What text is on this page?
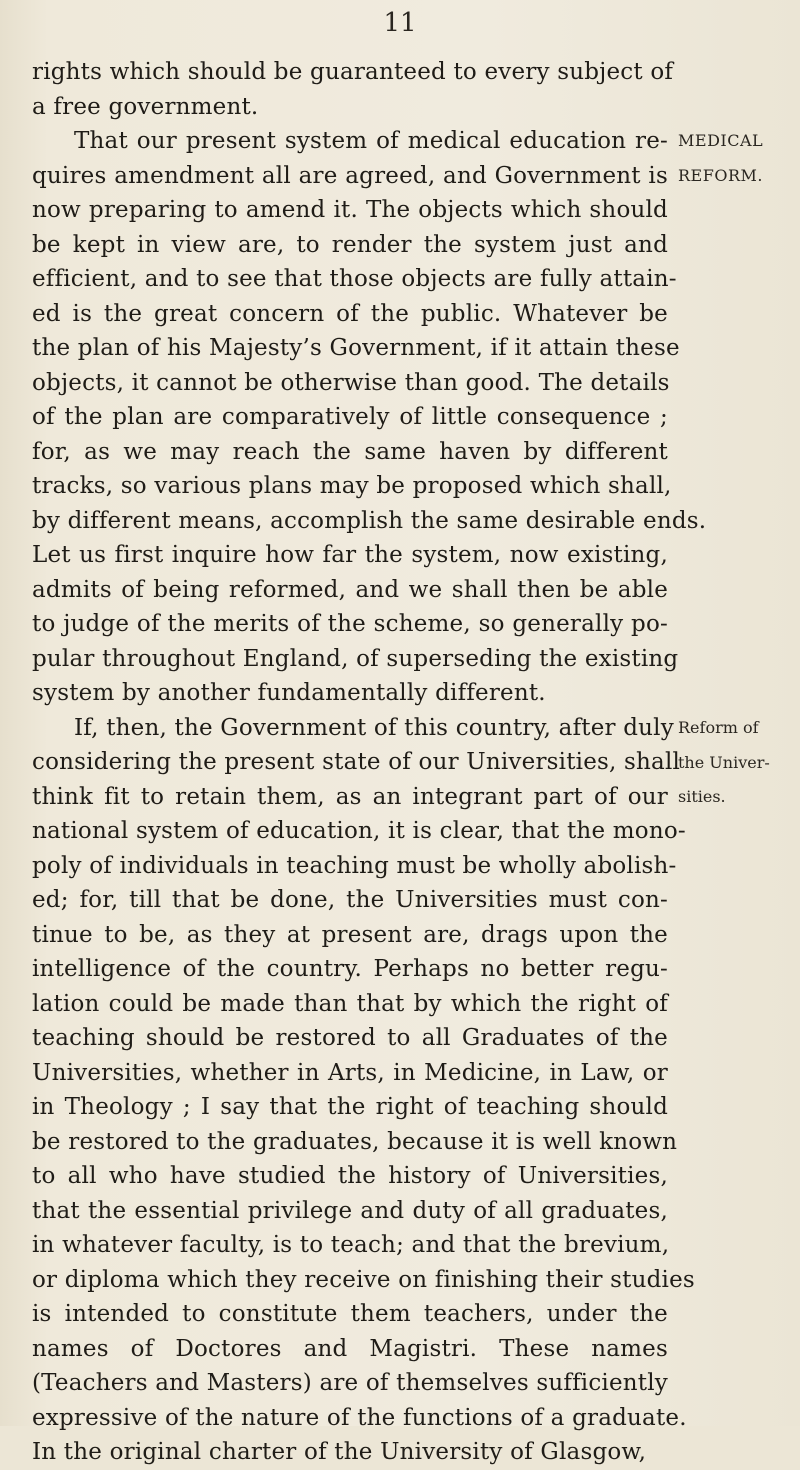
11
rights which should be guaranteed to every subject of
a free government.
That our present system of medical education re-
quires amendment all are agreed, and Government is
now preparing to amend it. The objects which should
be kept in view are, to render the system just and
efficient, and to see that those objects are fully attain-
ed is the great concern of the public. Whatever be
the plan of his Majesty’s Government, if it attain these
objects, it cannot be otherwise than good. The details
of the plan are comparatively of little consequence ;
for, as we may reach the same haven by different
tracks, so various plans may be proposed which shall,
by different means, accomplish the same desirable ends.
Let us first inquire how far the system, now existing,
admits of being reformed, and we shall then be able
to judge of the merits of the scheme, so generally po-
pular throughout England, of superseding the existing
system by another fundamentally different.
If, then, the Government of this country, after duly
considering the present state of our Universities, shall
think fit to retain them, as an integrant part of our
national system of education, it is clear, that the mono-
poly of individuals in teaching must be wholly abolish-
ed; for, till that be done, the Universities must con-
tinue to be, as they at present are, drags upon the
intelligence of the country. Perhaps no better regu-
lation could be made than that by which the right of
teaching should be restored to all Graduates of the
Universities, whether in Arts, in Medicine, in Law, or
in Theology ; I say that the right of teaching should
be restored to the graduates, because it is well known
to all who have studied the history of Universities,
that the essential privilege and duty of all graduates,
in whatever faculty, is to teach; and that the brevium,
or diploma which they receive on finishing their studies
is intended to constitute them teachers, under the
names of Doctores and Magistri. These names
(Teachers and Masters) are of themselves sufficiently
expressive of the nature of the functions of a graduate.
In the original charter of the University of Glasgow,
MEDICAL
REFORM.
Reform of
the Univer-
sities.
